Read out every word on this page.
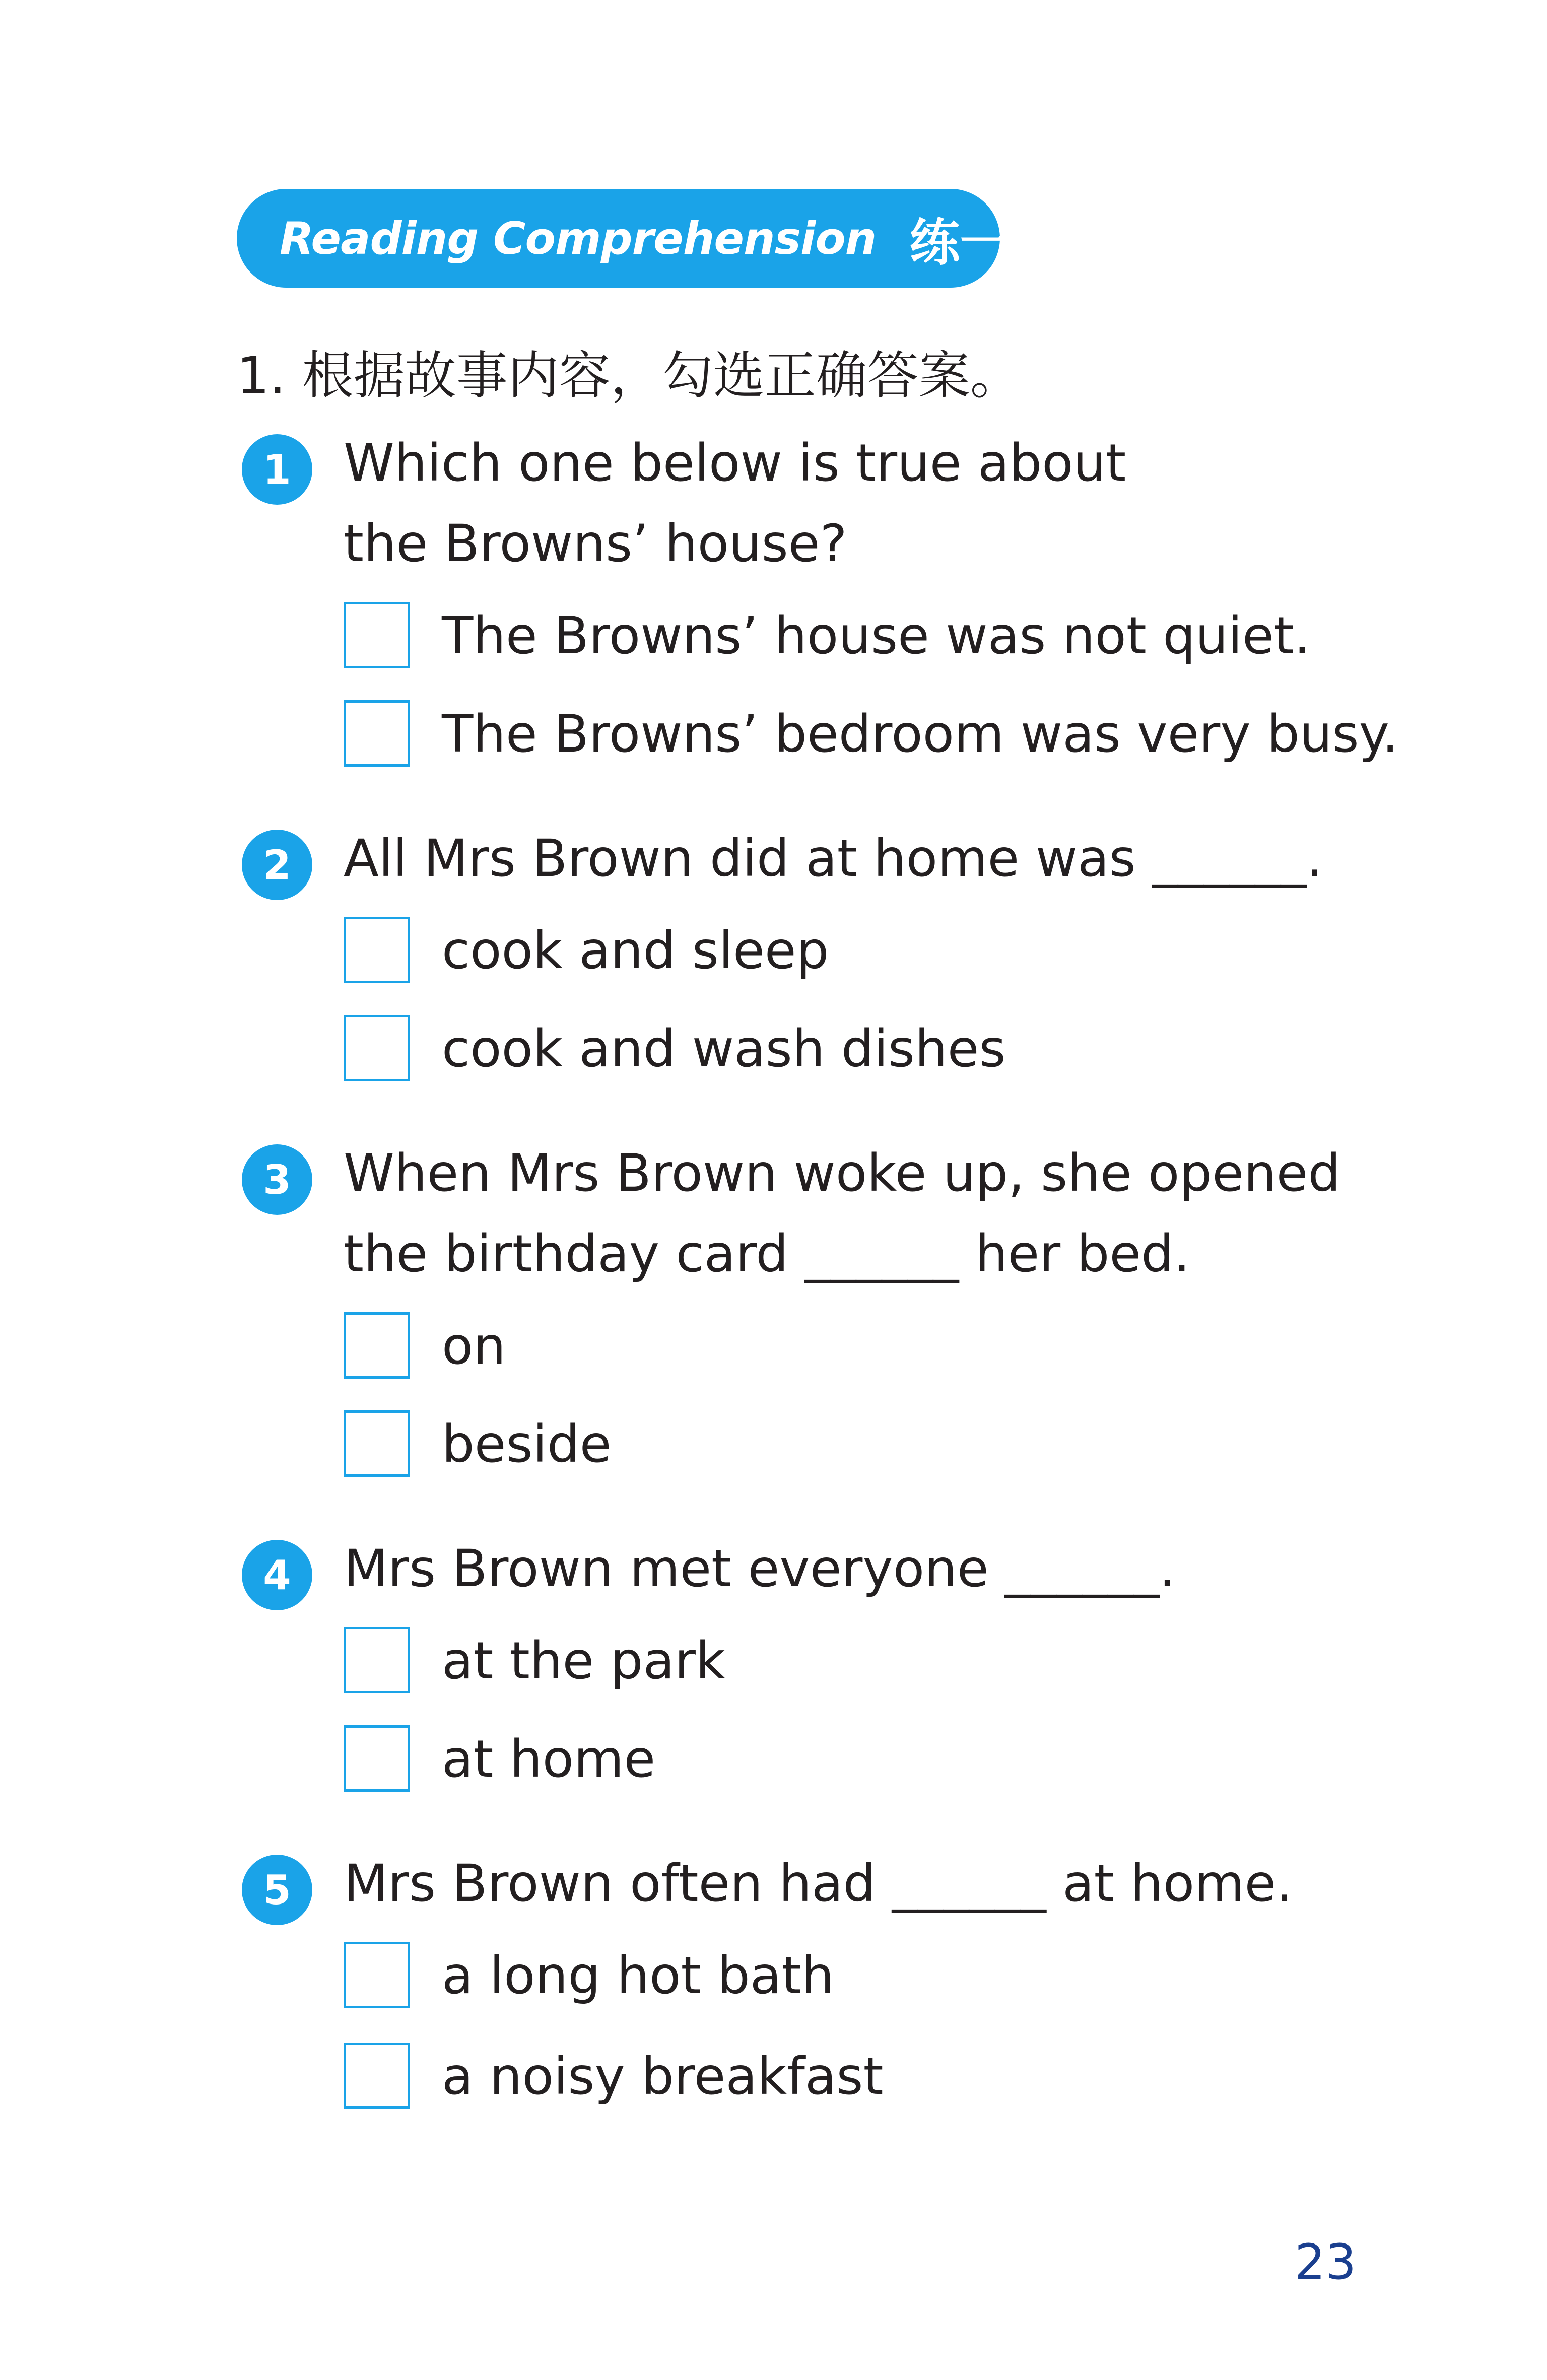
Reading Comprehension 练一练
1. 根据故事内容，勾选正确答案。
1	Which one below is true about the Browns’ house?

The Browns’ house was not quiet.
The Browns’ bedroom was very busy.
2	All Mrs Brown did at home was ______.

cook and sleep
cook and wash dishes
3	When Mrs Brown woke up, she opened the birthday card ______ her bed.

on
beside
4	Mrs Brown met everyone ______.

at the park
at home
5	Mrs Brown often had ______ at home.

a long hot bath
a noisy breakfast
23
